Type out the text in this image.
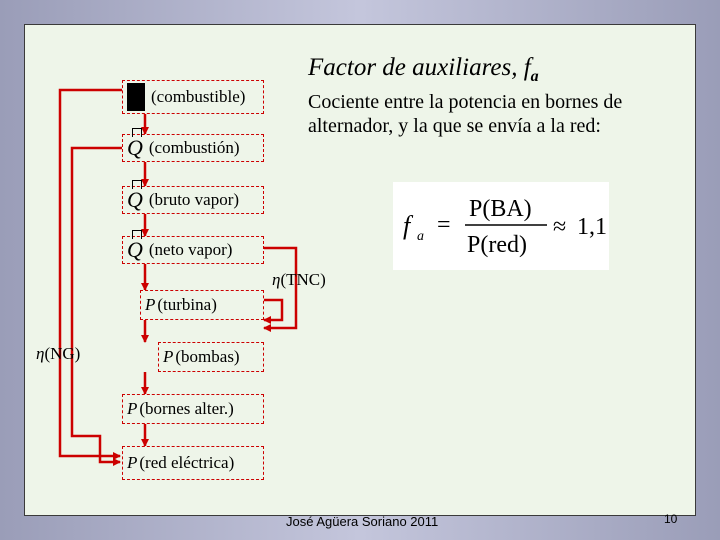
(combustible)
Q (combustión)
Q (bruto vapor)
Q (neto vapor)
P (turbina)
P (bombas)
P (bornes alter.)
P (red eléctrica)
η(TNC)
η(NG)
Factor de auxiliares, $f_a$
Cociente entre la potencia en bornes de alternador, y la que se envía a la red:
f a =
P(BA)
P(red)
≈ 1,1
José Agüera Soriano 2011	10
